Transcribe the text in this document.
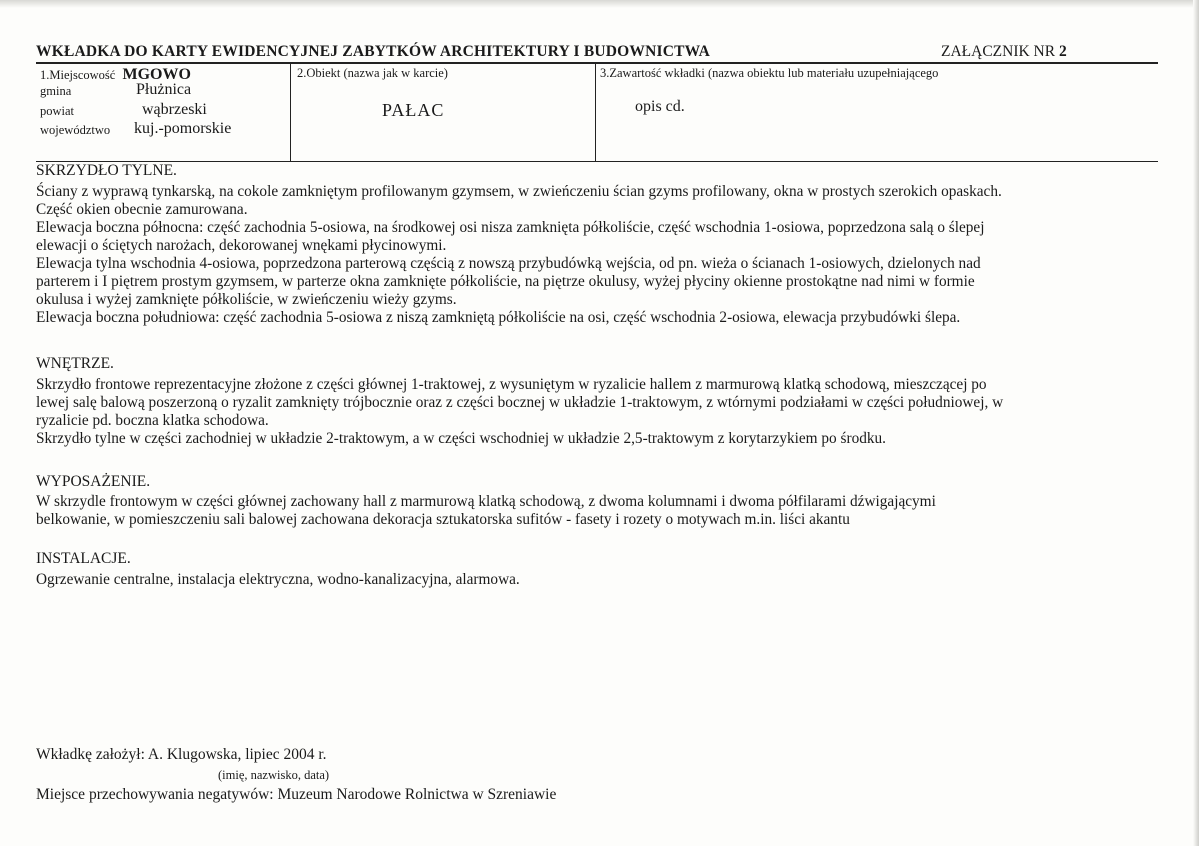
WKŁADKA DO KARTY EWIDENCYJNEJ ZABYTKÓW ARCHITEKTURY I BUDOWNICTWA	ZAŁĄCZNIK NR 2
1.Miejscowość MGOWO
gmina	Płużnica
powiat	wąbrzeski
województwo kuj.-pomorskie
2.Obiekt (nazwa jak w karcie)
PAŁAC
3.Zawartość wkładki (nazwa obiektu lub materiału uzupełniającego
opis cd.
SKRZYDŁO TYLNE.
Ściany z wyprawą tynkarską, na cokole zamkniętym profilowanym gzymsem, w zwieńczeniu ścian gzyms profilowany, okna w prostych szerokich opaskach.
Część okien obecnie zamurowana.
Elewacja boczna północna: część zachodnia 5-osiowa, na środkowej osi nisza zamknięta półkoliście, część wschodnia 1-osiowa, poprzedzona salą o ślepej
elewacji o ściętych narożach, dekorowanej wnękami płycinowymi.
Elewacja tylna wschodnia 4-osiowa, poprzedzona parterową częścią z nowszą przybudówką wejścia, od pn. wieża o ścianach 1-osiowych, dzielonych nad
parterem i I piętrem prostym gzymsem, w parterze okna zamknięte półkoliście, na piętrze okulusy, wyżej płyciny okienne prostokątne nad nimi w formie
okulusa i wyżej zamknięte półkoliście, w zwieńczeniu wieży gzyms.
Elewacja boczna południowa: część zachodnia 5-osiowa z niszą zamkniętą półkoliście na osi, część wschodnia 2-osiowa, elewacja przybudówki ślepa.
WNĘTRZE.
Skrzydło frontowe reprezentacyjne złożone z części głównej 1-traktowej, z wysuniętym w ryzalicie hallem z marmurową klatką schodową, mieszczącej po
lewej salę balową poszerzoną o ryzalit zamknięty trójbocznie oraz z części bocznej w układzie 1-traktowym, z wtórnymi podziałami w części południowej, w
ryzalicie pd. boczna klatka schodowa.
Skrzydło tylne w części zachodniej w układzie 2-traktowym, a w części wschodniej w układzie 2,5-traktowym z korytarzykiem po środku.
WYPOSAŻENIE.
W skrzydle frontowym w części głównej zachowany hall z marmurową klatką schodową, z dwoma kolumnami i dwoma półfilarami dźwigającymi
belkowanie, w pomieszczeniu sali balowej zachowana dekoracja sztukatorska sufitów - fasety i rozety o motywach m.in. liści akantu
INSTALACJE.
Ogrzewanie centralne, instalacja elektryczna, wodno-kanalizacyjna, alarmowa.
Wkładkę założył: A. Klugowska, lipiec 2004 r.
(imię, nazwisko, data)
Miejsce przechowywania negatywów: Muzeum Narodowe Rolnictwa w Szreniawie
